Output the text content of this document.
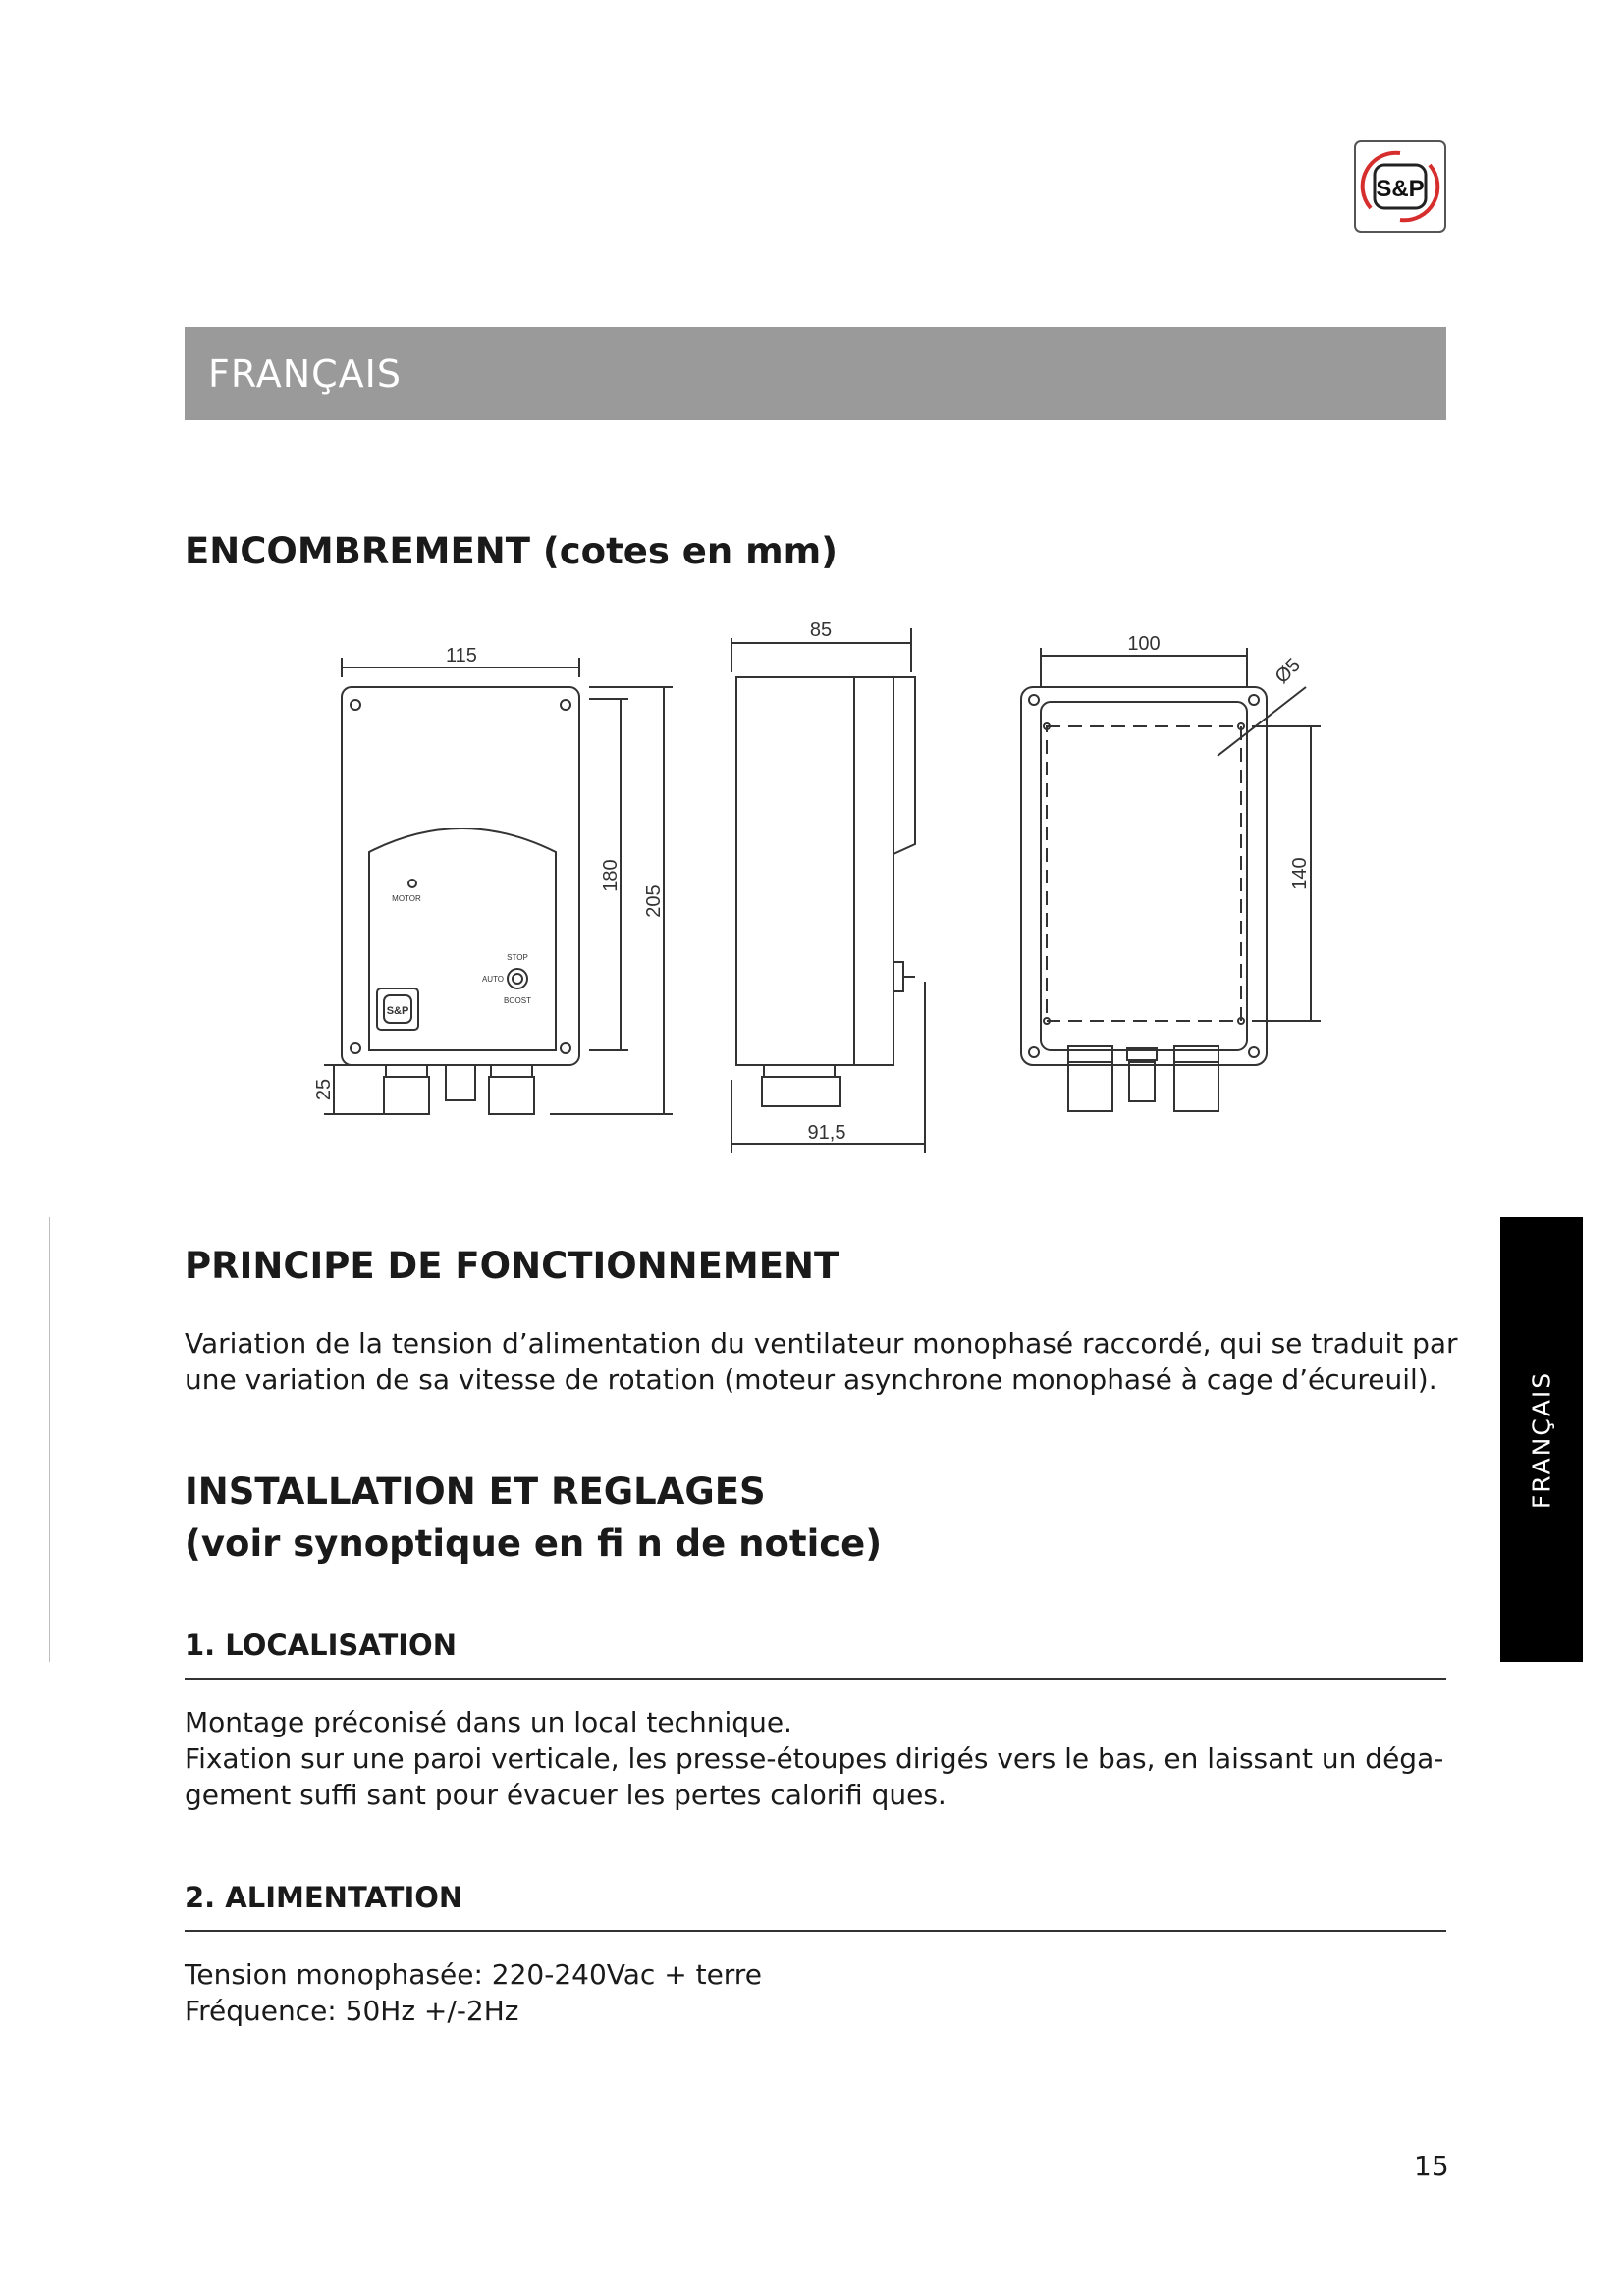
S&P
FRANÇAIS
ENCOMBREMENT (cotes en mm)
115
180
205
25
85
91,5
100
140
Ø5
MOTOR
STOP
AUTO
BOOST
S&P
PRINCIPE DE FONCTIONNEMENT
Variation de la tension d’alimentation du ventilateur monophasé raccordé, qui se traduit par
une variation de sa vitesse de rotation (moteur asynchrone monophasé à cage d’écureuil).
INSTALLATION ET REGLAGES
(voir synoptique en fi n de notice)
1. LOCALISATION
Montage préconisé dans un local technique.
Fixation sur une paroi verticale, les presse-étoupes dirigés vers le bas, en laissant un déga-
gement suffi sant pour évacuer les pertes calorifi ques.
2. ALIMENTATION
Tension monophasée: 220-240Vac + terre
Fréquence: 50Hz +/-2Hz
FRANÇAIS
15
